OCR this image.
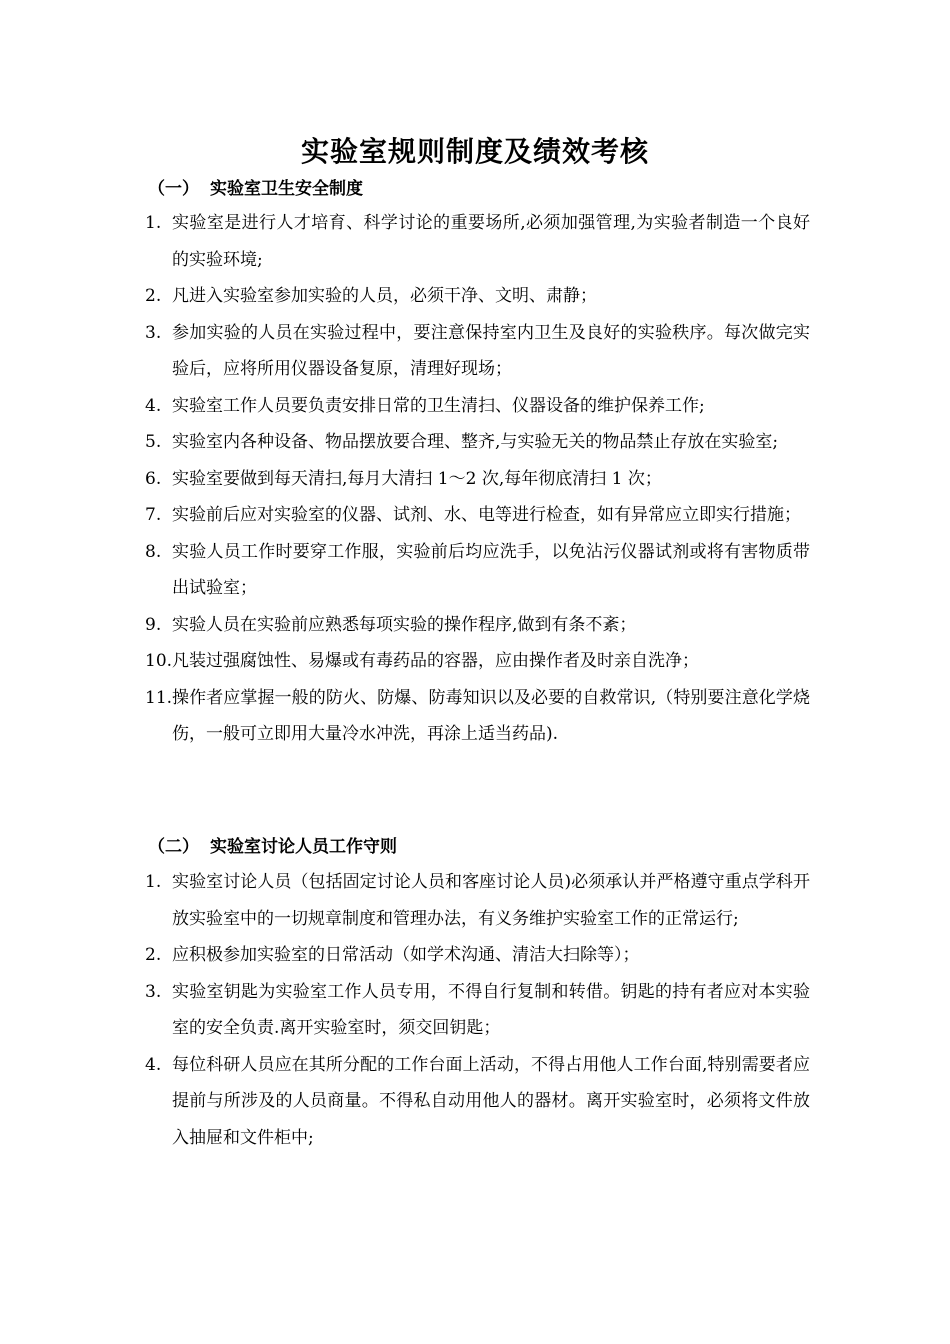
实验室规则制度及绩效考核
（一） 实验室卫生安全制度
1. 实验室是进行人才培育、科学讨论的重要场所,必须加强管理,为实验者制造一个良好的实验环境;
2. 凡进入实验室参加实验的人员，必须干净、文明、肃静；
3. 参加实验的人员在实验过程中，要注意保持室内卫生及良好的实验秩序。每次做完实验后，应将所用仪器设备复原，清理好现场；
4. 实验室工作人员要负责安排日常的卫生清扫、仪器设备的维护保养工作;
5. 实验室内各种设备、物品摆放要合理、整齐,与实验无关的物品禁止存放在实验室;
6. 实验室要做到每天清扫,每月大清扫 1～2 次,每年彻底清扫 1 次；
7. 实验前后应对实验室的仪器、试剂、水、电等进行检查，如有异常应立即实行措施；
8. 实验人员工作时要穿工作服，实验前后均应洗手，以免沾污仪器试剂或将有害物质带出试验室；
9. 实验人员在实验前应熟悉每项实验的操作程序,做到有条不紊；
10. 凡装过强腐蚀性、易爆或有毒药品的容器，应由操作者及时亲自洗净；
11. 操作者应掌握一般的防火、防爆、防毒知识以及必要的自救常识,（特别要注意化学烧伤，一般可立即用大量冷水冲洗，再涂上适当药品).
（二） 实验室讨论人员工作守则
1. 实验室讨论人员（包括固定讨论人员和客座讨论人员)必须承认并严格遵守重点学科开放实验室中的一切规章制度和管理办法，有义务维护实验室工作的正常运行;
2. 应积极参加实验室的日常活动（如学术沟通、清洁大扫除等）；
3. 实验室钥匙为实验室工作人员专用，不得自行复制和转借。钥匙的持有者应对本实验室的安全负责.离开实验室时，须交回钥匙；
4. 每位科研人员应在其所分配的工作台面上活动，不得占用他人工作台面,特别需要者应提前与所涉及的人员商量。不得私自动用他人的器材。离开实验室时，必须将文件放入抽屉和文件柜中;
